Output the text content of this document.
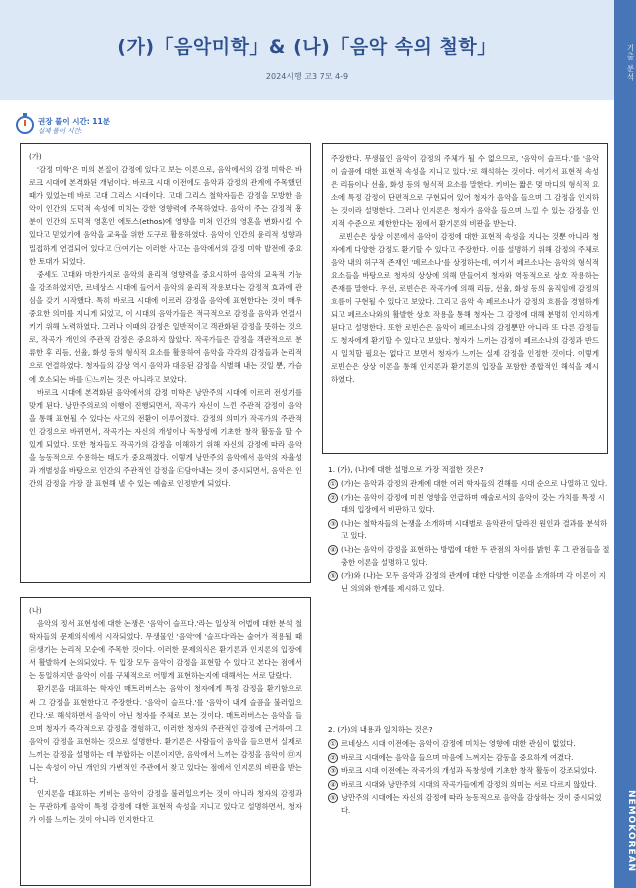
(가)「음악미학」& (나)「음악 속의 철학」
2024시행 고3 7모 4-9	기출 분석
NEMOKOREAN
권장 풀이 시간: 11분
실제 풀이 시간:
(가)

'감정 미학'은 미의 본질이 감정에 있다고 보는 이론으로, 음악에서의 감정 미학은 바로크 시대에 본격화된 개념이다. 바로크 시대 이전에도 음악과 감정의 관계에 주목했던 때가 있었는데 바로 고대 그리스 시대이다. 고대 그리스 철학자들은 감정을 모방한 음악이 인간의 도덕적 속성에 미치는 강한 영향력에 주목하였다. 음악이 주는 감정적 흥분이 인간의 도덕적 영혼인 에토스(ethos)에 영향을 미쳐 인간의 영혼을 변화시킬 수 있다고 믿었기에 음악을 교육을 위한 도구로 활용하였다. 음악이 인간의 윤리적 성향과 밀접하게 연결되어 있다고 ㉠여기는 이러한 사고는 음악에서의 감정 미학 발전에 중요한 토대가 되었다.

중세도 고대와 마찬가지로 음악의 윤리적 영향력을 중요시하여 음악의 교육적 기능을 강조하였지만, 르네상스 시대에 들어서 음악의 윤리적 작용보다는 감정적 효과에 관심을 갖기 시작했다. 특히 바로크 시대에 이르러 감정을 음악에 표현한다는 것이 매우 중요한 의미를 지니게 되었고, 이 시대의 음악가들은 적극적으로 감정을 음악과 연결시키기 위해 노력하였다. 그러나 이때의 감정은 일반적이고 객관화된 감정을 뜻하는 것으로, 작곡가 개인의 주관적 감정은 중요하지 않았다. 작곡가들은 감정을 객관적으로 분류한 후 리듬, 선율, 화성 등의 형식적 요소를 활용하여 음악을 각각의 감정들과 논리적으로 연결하였다. 청자들의 감상 역시 음악과 대응된 감정을 식별해 내는 것일 뿐, 가슴에 호소되는 바를 ㉡느끼는 것은 아니라고 보았다.

바로크 시대에 본격화된 음악에서의 감정 미학은 낭만주의 시대에 이르러 전성기를 맞게 된다. 낭만주의로의 이행이 진행되면서, 작곡가 자신이 느낀 주관적 감정이 음악을 통해 표현될 수 있다는 사고의 전환이 이루어졌다. 감정의 의미가 작곡가의 주관적인 감정으로 바뀌면서, 작곡가는 자신의 개성이나 독창성에 기초한 창작 활동을 할 수 있게 되었다. 또한 청자들도 작곡가의 감정을 이해하기 위해 자신의 감정에 따라 음악을 능동적으로 수용하는 태도가 중요해졌다. 이렇게 낭만주의 음악에서 음악의 자율성과 개별성을 바탕으로 인간의 주관적인 감정을 ㉢담아내는 것이 중시되면서, 음악은 인간의 감정을 가장 잘 표현해 낼 수 있는 예술로 인정받게 되었다.

(나)

음악의 정서 표현성에 대한 논쟁은 '음악이 슬프다.'라는 일상적 어법에 대한 분석 철학자들의 문제의식에서 시작되었다. 무생물인 '음악'에 '슬프다'라는 술어가 적용될 때 ㉣생기는 논리적 모순에 주목한 것이다. 이러한 문제의식은 환기론과 인지론의 입장에서 활발하게 논의되었다. 두 입장 모두 음악이 감정을 표현할 수 있다고 본다는 점에서는 동일하지만 음악이 이를 구체적으로 어떻게 표현하는지에 대해서는 서로 달랐다.

환기론을 대표하는 학자인 매트러버스는 음악이 청자에게 특정 감정을 환기함으로써 그 감정을 표현한다고 주장한다. '음악이 슬프다.'를 '음악이 내게 슬픔을 불러일으킨다.'로 해석하면서 음악이 아닌 청자를 주체로 보는 것이다. 매트러버스는 음악을 들으며 청자가 즉각적으로 감정을 경험하고, 이러한 청자의 주관적인 감정에 근거하여 그 음악이 감정을 표현하는 것으로 설명한다. 환기론은 사람들이 음악을 들으면서 실제로 느끼는 감정을 설명하는 데 부합하는 이론이지만, 음악에서 느끼는 감정을 음악이 ㉤지니는 속성이 아닌 개인의 가변적인 주관에서 찾고 있다는 점에서 인지론의 비판을 받는다.

인지론을 대표하는 키비는 음악이 감정을 불러일으키는 것이 아니라 청자의 감정과는 무관하게 음악이 특정 감정에 대한 표현적 속성을 지니고 있다고 설명하면서, 청자가 이를 느끼는 것이 아니라 인지한다고

주장한다. 무생물인 음악이 감정의 주체가 될 수 없으므로, '음악이 슬프다.'를 '음악이 슬픔에 대한 표현적 속성을 지니고 있다.'로 해석하는 것이다. 여기서 표현적 속성은 리듬이나 선율, 화성 등의 형식적 요소를 말한다. 키비는 짧은 몇 마디의 형식적 요소에 특정 감정이 단편적으로 구현되어 있어 청자가 음악을 들으며 그 감정을 인지하는 것이라 설명한다. 그러나 인지론은 청자가 음악을 들으며 느낄 수 있는 감정을 인지적 수준으로 제한한다는 점에서 환기론의 비판을 받는다.

로빈슨은 상상 이론에서 음악이 감정에 대한 표현적 속성을 지니는 것뿐 아니라 청자에게 다양한 감정도 환기할 수 있다고 주장한다. 이를 설명하기 위해 감정의 주체로 음악 내의 허구적 존재인 '페르소나'를 상정하는데, 여기서 페르소나는 음악의 형식적 요소들을 바탕으로 청자의 상상에 의해 만들어져 청자와 역동적으로 상호 작용하는 존재를 말한다. 우선, 로빈슨은 작곡가에 의해 리듬, 선율, 화성 등의 움직임에 감정의 흐름이 구현될 수 있다고 보았다. 그리고 음악 속 페르소나가 감정의 흐름을 경험하게 되고 페르소나와의 활발한 상호 작용을 통해 청자는 그 감정에 대해 분명히 인지하게 된다고 설명한다. 또한 로빈슨은 음악이 페르소나의 감정뿐만 아니라 또 다른 감정들도 청자에게 환기할 수 있다고 보았다. 청자가 느끼는 감정이 페르소나의 감정과 반드시 일치할 필요는 없다고 보면서 청자가 느끼는 실제 감정을 인정한 것이다. 이렇게 로빈슨은 상상 이론을 통해 인지론과 환기론의 입장을 포함한 종합적인 해석을 제시하였다.

1. (가), (나)에 대한 설명으로 가장 적절한 것은?
① (가)는 음악과 감정의 관계에 대한 여러 학자들의 견해를 시대 순으로 나열하고 있다.
② (가)는 음악이 감정에 미친 영향을 언급하며 예술로서의 음악이 갖는 가치를 특정 시대의 입장에서 비판하고 있다.
③ (나)는 철학자들의 논쟁을 소개하며 시대별로 음악관이 달라진 원인과 결과를 분석하고 있다.
④ (나)는 음악이 감정을 표현하는 방법에 대한 두 관점의 차이를 밝힌 후 그 관점들을 절충한 이론을 설명하고 있다.
⑤ (가)와 (나)는 모두 음악과 감정의 관계에 대한 다양한 이론을 소개하며 각 이론이 지닌 의의와 한계를 제시하고 있다.
2. (가)의 내용과 일치하는 것은?
① 르네상스 시대 이전에는 음악이 감정에 미치는 영향에 대한 관심이 없었다.
② 바로크 시대에는 음악을 들으며 마음에 느껴지는 감동을 중요하게 여겼다.
③ 바로크 시대 이전에는 작곡가의 개성과 독창성에 기초한 창작 활동이 강조되었다.
④ 바로크 시대와 낭만주의 시대의 작곡가들에게 감정의 의미는 서로 다르지 않았다.
⑤ 낭만주의 시대에는 자신의 감정에 따라 능동적으로 음악을 감상하는 것이 중시되었다.
